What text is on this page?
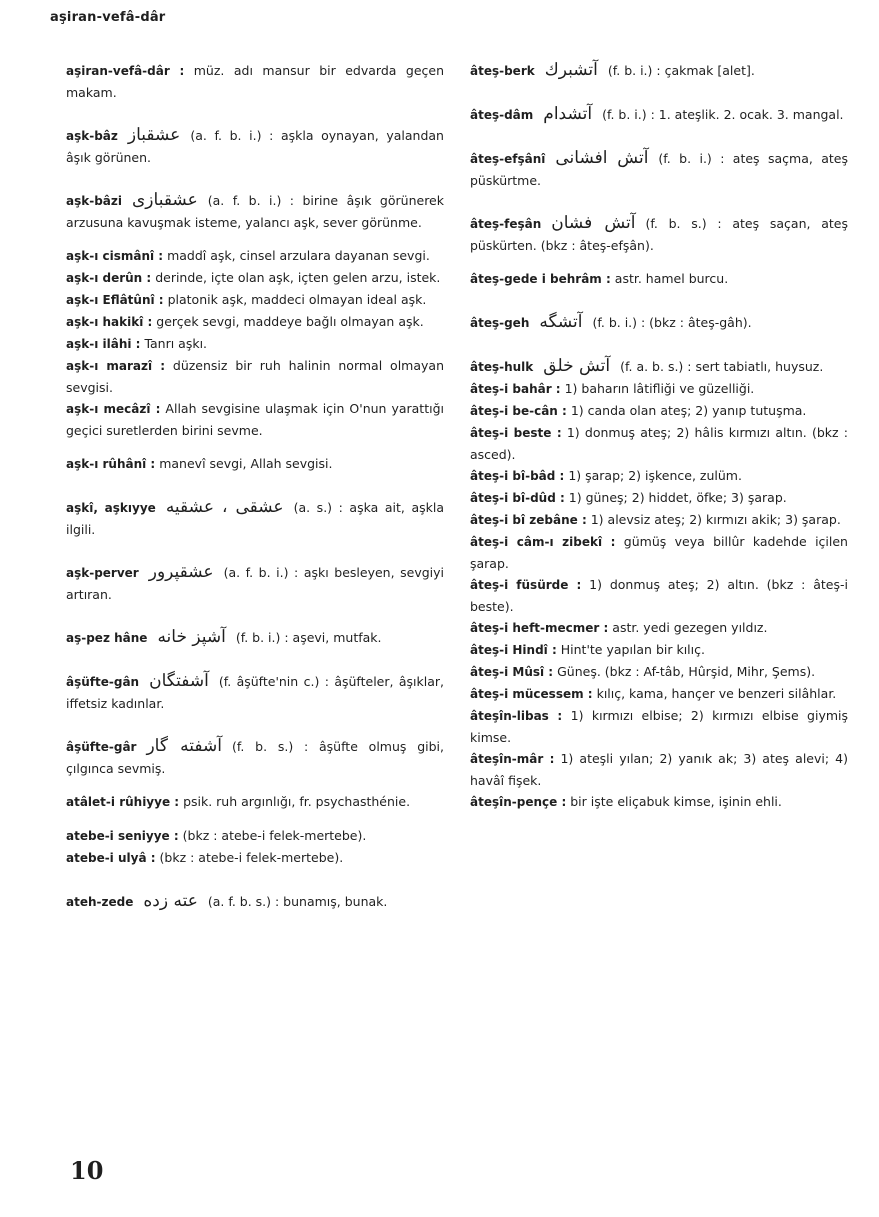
aşiran-vefâ-dâr

aşiran-vefâ-dâr : müz. adı mansur bir edvarda geçen makam.

aşk-bâz عشقباز (a. f. b. i.) : aşkla oynayan, yalandan âşık görünen.

aşk-bâzi عشقبازى (a. f. b. i.) : birine âşık görünerek arzusuna kavuşmak isteme, yalancı aşk, sever görünme.

aşk-ı cismânî : maddî aşk, cinsel arzulara dayanan sevgi.

aşk-ı derûn : derinde, içte olan aşk, içten gelen arzu, istek.

aşk-ı Eflâtûnî : platonik aşk, maddeci olmayan ideal aşk.

aşk-ı hakikî : gerçek sevgi, maddeye bağlı olmayan aşk.

aşk-ı ilâhi : Tanrı aşkı.

aşk-ı marazî : düzensiz bir ruh halinin normal olmayan sevgisi.

aşk-ı mecâzî : Allah sevgisine ulaşmak için O'nun yarattığı geçici suretlerden birini sevme.

aşk-ı rûhânî : manevî sevgi, Allah sevgisi.

aşkî, aşkıyye عشقى ، عشقيه (a. s.) : aşka ait, aşkla ilgili.

aşk-perver عشقپرور (a. f. b. i.) : aşkı besleyen, sevgiyi artıran.

aş-pez hâne آشپز خانه (f. b. i.) : aşevi, mutfak.

âşüfte-gân آشفتگان (f. âşüfte'nin c.) : âşüfteler, âşıklar, iffetsiz kadınlar.

âşüfte-gâr آشفته گار (f. b. s.) : âşüfte olmuş gibi, çılgınca sevmiş.

atâlet-i rûhiyye : psik. ruh argınlığı, fr. psychasthénie.

atebe-i seniyye : (bkz : atebe-i felek-mertebe).

atebe-i ulyâ : (bkz : atebe-i felek-mertebe).

ateh-zede عته زده (a. f. b. s.) : bunamış, bunak.

âteş-berk آتشبرك (f. b. i.) : çakmak [alet].

âteş-dâm آتشدام (f. b. i.) : 1. ateşlik. 2. ocak. 3. mangal.

âteş-efşânî آتش افشانى (f. b. i.) : ateş saçma, ateş püskürtme.

âteş-feşân آتش فشان (f. b. s.) : ateş saçan, ateş püskürten. (bkz : âteş-efşân).

âteş-gede i behrâm : astr. hamel burcu.

âteş-geh آتشگه (f. b. i.) : (bkz : âteş-gâh).

âteş-hulk آتش خلق (f. a. b. s.) : sert tabiatlı, huysuz.

âteş-i bahâr : 1) baharın lâtifliği ve güzelliği.

âteş-i be-cân : 1) canda olan ateş; 2) yanıp tutuşma.

âteş-i beste : 1) donmuş ateş; 2) hâlis kırmızı altın. (bkz : asced).

âteş-i bî-bâd : 1) şarap; 2) işkence, zulüm.

âteş-i bî-dûd : 1) güneş; 2) hiddet, öfke; 3) şarap.

âteş-i bî zebâne : 1) alevsiz ateş; 2) kırmızı akik; 3) şarap.

âteş-i câm-ı zibekî : gümüş veya billûr kadehde içilen şarap.

âteş-i füsürde : 1) donmuş ateş; 2) altın. (bkz : âteş-i beste).

âteş-i heft-mecmer : astr. yedi gezegen yıldız.

âteş-i Hindî : Hint'te yapılan bir kılıç.

âteş-i Mûsî : Güneş. (bkz : Af-tâb, Hûrşid, Mihr, Şems).

âteş-i mücessem : kılıç, kama, hançer ve benzeri silâhlar.

âteşîn-libas : 1) kırmızı elbise; 2) kırmızı elbise giymiş kimse.

âteşîn-mâr : 1) ateşli yılan; 2) yanık ak; 3) ateş alevi; 4) havâî fişek.

âteşîn-pençe : bir işte eliçabuk kimse, işinin ehli.

10
